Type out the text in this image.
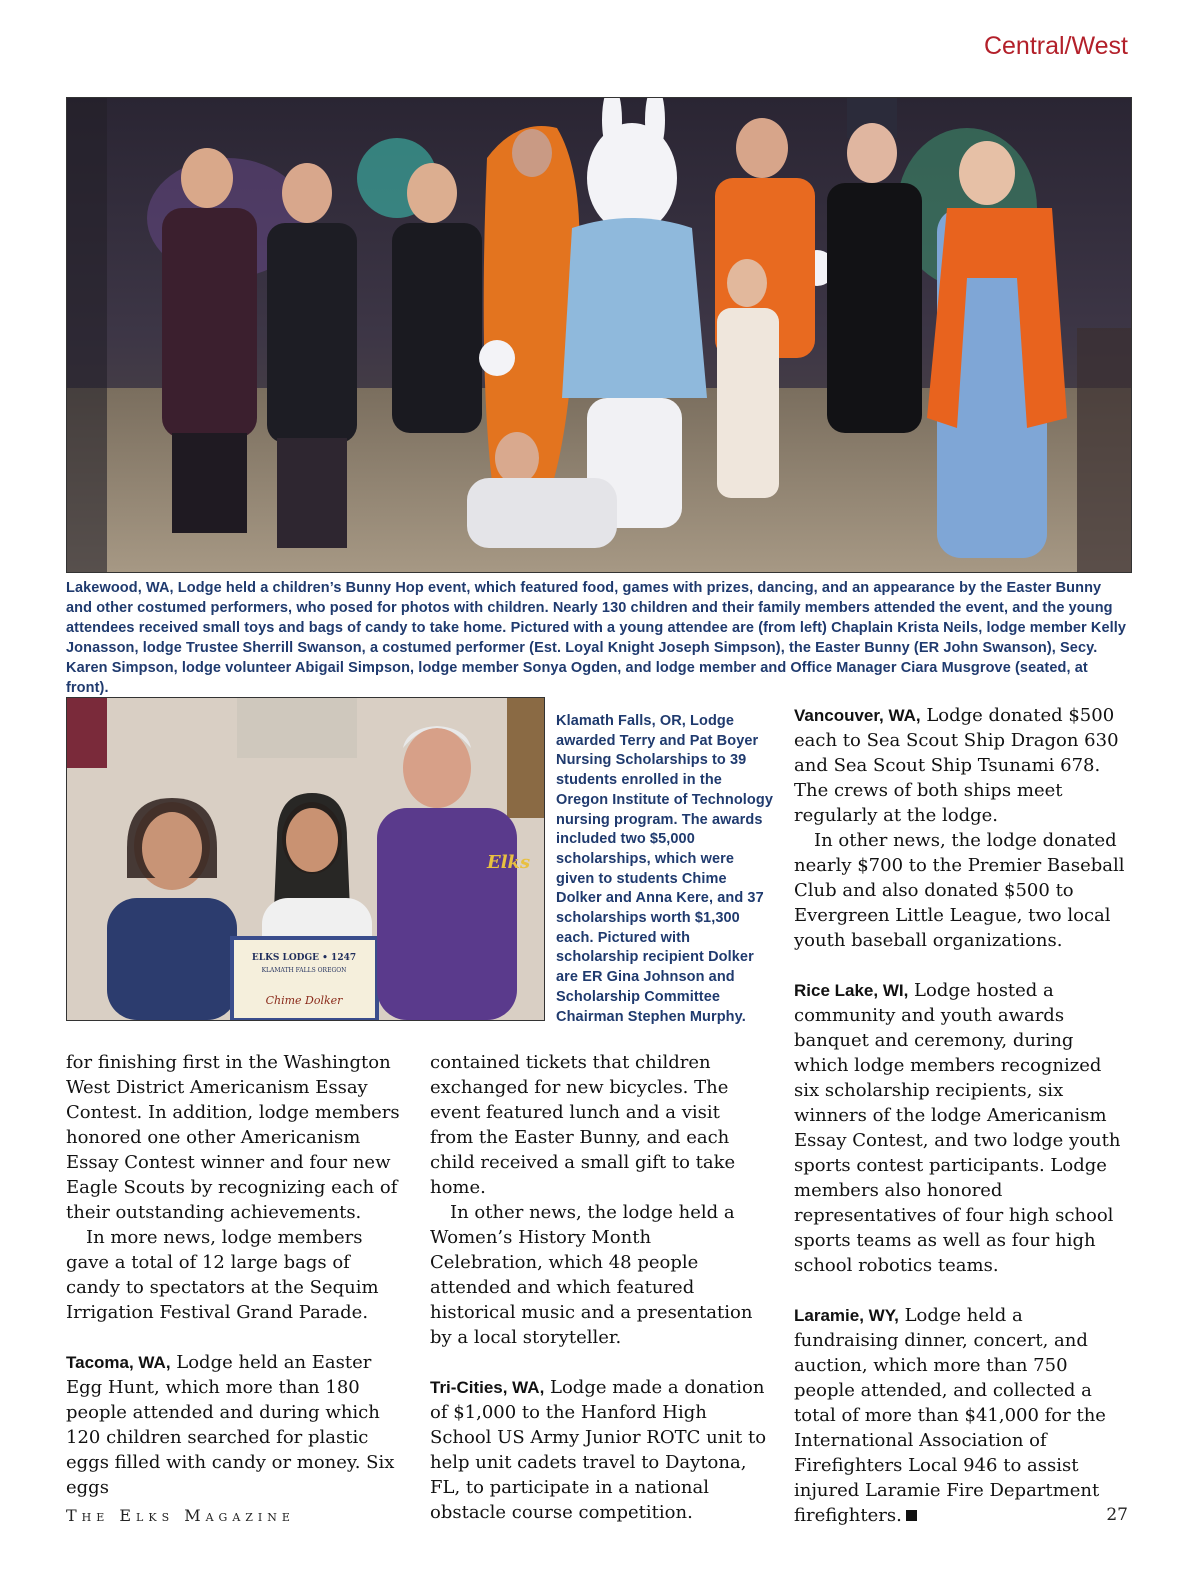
Central/West
Lakewood, WA, Lodge held a children’s Bunny Hop event, which featured food, games with prizes, dancing, and an appearance by the Easter Bunny and other costumed performers, who posed for photos with children. Nearly 130 children and their family members attended the event, and the young attendees received small toys and bags of candy to take home. Pictured with a young attendee are (from left) Chaplain Krista Neils, lodge member Kelly Jonasson, lodge Trustee Sherrill Swanson, a costumed performer (Est. Loyal Knight Joseph Simpson), the Easter Bunny (ER John Swanson), Secy. Karen Simpson, lodge volunteer Abigail Simpson, lodge member Sonya Ogden, and lodge member and Office Manager Ciara Musgrove (seated, at front).
ELKS LODGE • 1247
KLAMATH FALLS OREGON
Chime Dolker
Elks
Klamath Falls, OR, Lodge awarded Terry and Pat Boyer Nursing Scholarships to 39 students enrolled in the Oregon Institute of Technology nursing program. The awards included two $5,000 scholarships, which were given to students Chime Dolker and Anna Kere, and 37 scholarships worth $1,300 each. Pictured with scholarship recipient Dolker are ER Gina Johnson and Scholarship Committee Chairman Stephen Murphy.

for finishing first in the Washington West District Americanism Essay Contest. In addition, lodge members honored one other Americanism Essay Contest winner and four new Eagle Scouts by recognizing each of their outstanding achievements.

In more news, lodge members gave a total of 12 large bags of candy to spectators at the Sequim Irrigation Festival Grand Parade.

Tacoma, WA, Lodge held an Easter Egg Hunt, which more than 180 people attended and during which 120 children searched for plastic eggs filled with candy or money. Six eggs

contained tickets that children exchanged for new bicycles. The event featured lunch and a visit from the Easter Bunny, and each child received a small gift to take home.

In other news, the lodge held a Women’s History Month Celebration, which 48 people attended and which featured historical music and a presentation by a local storyteller.

Tri-Cities, WA, Lodge made a donation of $1,000 to the Hanford High School US Army Junior ROTC unit to help unit cadets travel to Daytona, FL, to participate in a national obstacle course competition.

Vancouver, WA, Lodge donated $500 each to Sea Scout Ship Dragon 630 and Sea Scout Ship Tsunami 678. The crews of both ships meet regularly at the lodge.

In other news, the lodge donated nearly $700 to the Premier Baseball Club and also donated $500 to Evergreen Little League, two local youth baseball organizations.

Rice Lake, WI, Lodge hosted a community and youth awards banquet and ceremony, during which lodge members recognized six scholarship recipients, six winners of the lodge Americanism Essay Contest, and two lodge youth sports contest participants. Lodge members also honored representatives of four high school sports teams as well as four high school robotics teams.

Laramie, WY, Lodge held a fundraising dinner, concert, and auction, which more than 750 people attended, and collected a total of more than $41,000 for the International Association of Firefighters Local 946 to assist injured Laramie Fire Department firefighters.

The Elks Magazine	27
